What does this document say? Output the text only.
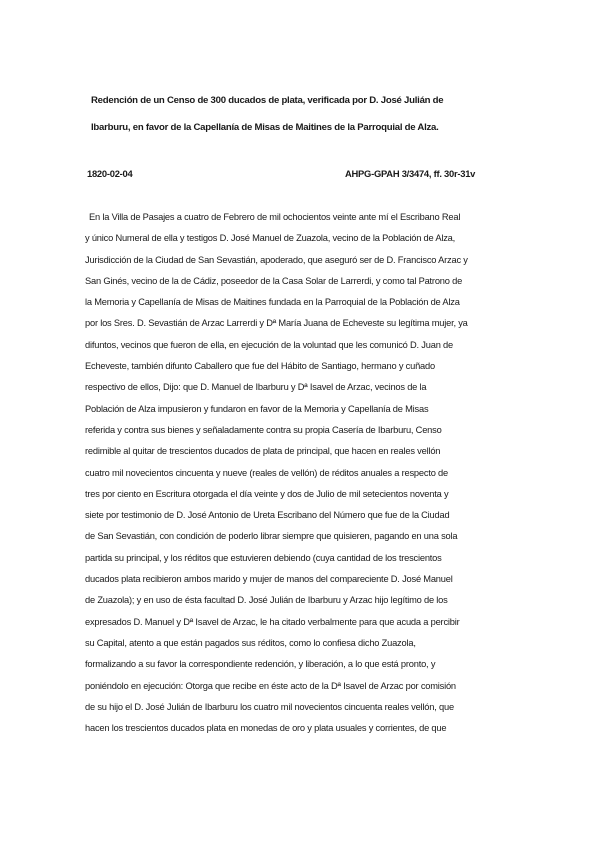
Redención de un Censo de 300 ducados de plata, verificada por D. José Julián de
Ibarburu, en favor de la Capellanía de Misas de Maitines de la Parroquial de Alza.
1820-02-04	AHPG-GPAH 3/3474, ff. 30r-31v
En la Villa de Pasajes a cuatro de Febrero de mil ochocientos veinte ante mí el Escribano Real
y único Numeral de ella y testigos D. José Manuel de Zuazola, vecino de la Población de Alza,
Jurisdicción de la Ciudad de San Sevastián, apoderado, que aseguró ser de D. Francisco Arzac y
San Ginés, vecino de la de Cádiz, poseedor de la Casa Solar de Larrerdi, y como tal Patrono de
la Memoria y Capellanía de Misas de Maitines fundada en la Parroquial de la Población de Alza
por los Sres. D. Sevastián de Arzac Larrerdi y Dª María Juana de Echeveste su legítima mujer, ya
difuntos, vecinos que fueron de ella, en ejecución de la voluntad que les comunicó D. Juan de
Echeveste, también difunto Caballero que fue del Hábito de Santiago, hermano y cuñado
respectivo de ellos, Dijo: que D. Manuel de Ibarburu y Dª Isavel de Arzac, vecinos de la
Población de Alza impusieron y fundaron en favor de la Memoria y Capellanía de Misas
referida y contra sus bienes y señaladamente contra su propia Casería de Ibarburu, Censo
redimible al quitar de trescientos ducados de plata de principal, que hacen en reales vellón
cuatro mil novecientos cincuenta y nueve (reales de vellón) de réditos anuales a respecto de
tres por ciento en Escritura otorgada el día veinte y dos de Julio de mil setecientos noventa y
siete por testimonio de D. José Antonio de Ureta Escribano del Número que fue de la Ciudad
de San Sevastián, con condición de poderlo librar siempre que quisieren, pagando en una sola
partida su principal, y los réditos que estuvieren debiendo (cuya cantidad de los trescientos
ducados plata recibieron ambos marido y mujer de manos del compareciente D. José Manuel
de Zuazola); y en uso de ésta facultad D. José Julián de Ibarburu y Arzac hijo legítimo de los
expresados D. Manuel y Dª Isavel de Arzac, le ha citado verbalmente para que acuda a percibir
su Capital, atento a que están pagados sus réditos, como lo confiesa dicho Zuazola,
formalizando a su favor la correspondiente redención, y liberación, a lo que está pronto, y
poniéndolo en ejecución: Otorga que recibe en éste acto de la Dª Isavel de Arzac por comisión
de su hijo el D. José Julián de Ibarburu los cuatro mil novecientos cincuenta reales vellón, que
hacen los trescientos ducados plata en monedas de oro y plata usuales y corrientes, de que
